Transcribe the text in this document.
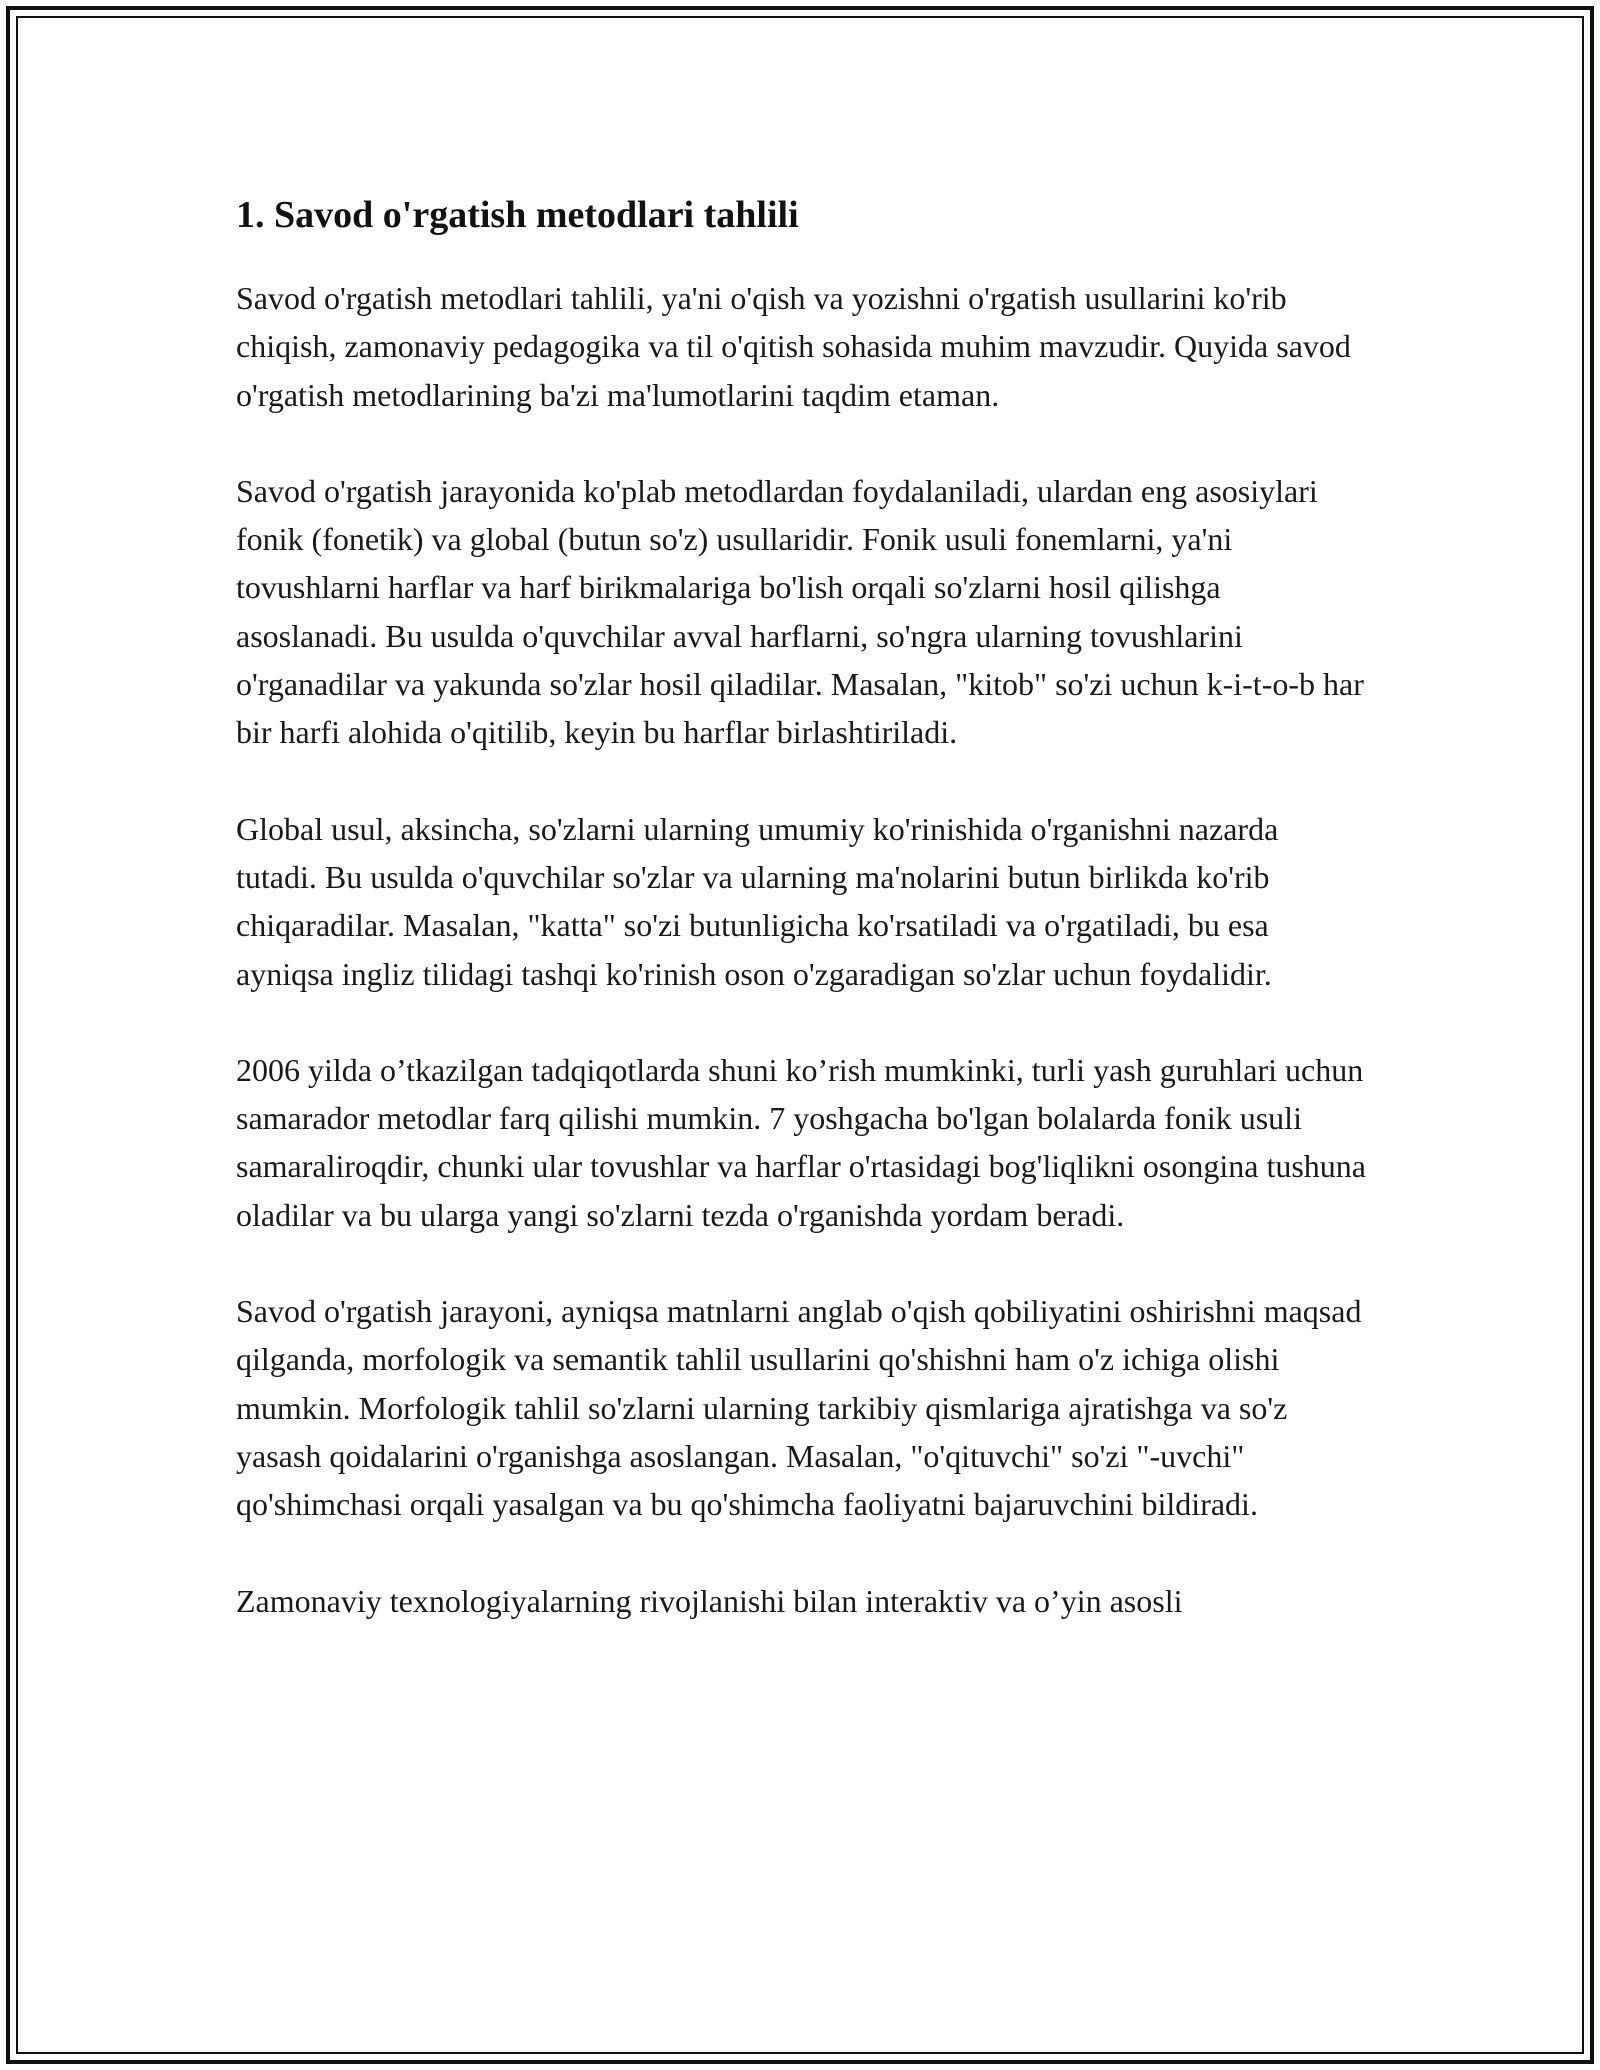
1. Savod o'rgatish metodlari tahlili

Savod o'rgatish metodlari tahlili, ya'ni o'qish va yozishni o'rgatish usullarini ko'rib chiqish, zamonaviy pedagogika va til o'qitish sohasida muhim mavzudir. Quyida savod o'rgatish metodlarining ba'zi ma'lumotlarini taqdim etaman.

Savod o'rgatish jarayonida ko'plab metodlardan foydalaniladi, ulardan eng asosiylari fonik (fonetik) va global (butun so'z) usullaridir. Fonik usuli fonemlarni, ya'ni tovushlarni harflar va harf birikmalariga bo'lish orqali so'zlarni hosil qilishga asoslanadi. Bu usulda o'quvchilar avval harflarni, so'ngra ularning tovushlarini o'rganadilar va yakunda so'zlar hosil qiladilar. Masalan, "kitob" so'zi uchun k-i-t-o-b har bir harfi alohida o'qitilib, keyin bu harflar birlashtiriladi.

Global usul, aksincha, so'zlarni ularning umumiy ko'rinishida o'rganishni nazarda tutadi. Bu usulda o'quvchilar so'zlar va ularning ma'nolarini butun birlikda ko'rib chiqaradilar. Masalan, "katta" so'zi butunligicha ko'rsatiladi va o'rgatiladi, bu esa ayniqsa ingliz tilidagi tashqi ko'rinish oson o'zgaradigan so'zlar uchun foydalidir.

2006 yilda o’tkazilgan tadqiqotlarda shuni ko’rish mumkinki, turli yash guruhlari uchun samarador metodlar farq qilishi mumkin. 7 yoshgacha bo'lgan bolalarda fonik usuli samaraliroqdir, chunki ular tovushlar va harflar o'rtasidagi bog'liqlikni osongina tushuna oladilar va bu ularga yangi so'zlarni tezda o'rganishda yordam beradi.

Savod o'rgatish jarayoni, ayniqsa matnlarni anglab o'qish qobiliyatini oshirishni maqsad qilganda, morfologik va semantik tahlil usullarini qo'shishni ham o'z ichiga olishi mumkin. Morfologik tahlil so'zlarni ularning tarkibiy qismlariga ajratishga va so'z yasash qoidalarini o'rganishga asoslangan. Masalan, "o'qituvchi" so'zi "-uvchi" qo'shimchasi orqali yasalgan va bu qo'shimcha faoliyatni bajaruvchini bildiradi.

Zamonaviy texnologiyalarning rivojlanishi bilan interaktiv va o’yin asosli
